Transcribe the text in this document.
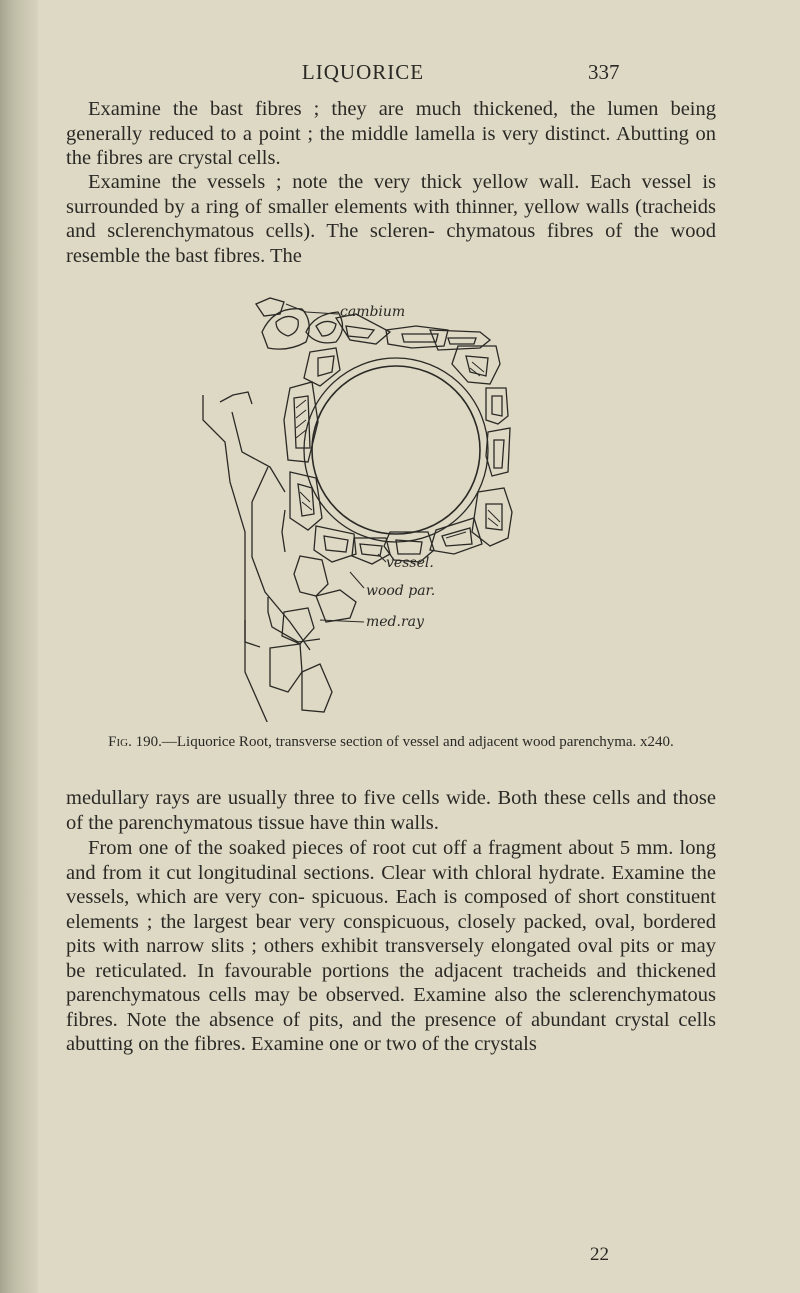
LIQUORICE	337

Examine the bast fibres ; they are much thickened, the lumen being generally reduced to a point ; the middle lamella is very distinct. Abutting on the fibres are crystal cells.

Examine the vessels ; note the very thick yellow wall. Each vessel is surrounded by a ring of smaller elements with thinner, yellow walls (tracheids and sclerenchymatous cells). The scleren- chymatous fibres of the wood resemble the bast fibres. The

cambium
vessel.
wood par.
med.ray

Fig. 190.—Liquorice Root, transverse section of vessel and adjacent wood parenchyma. x240.

medullary rays are usually three to five cells wide. Both these cells and those of the parenchymatous tissue have thin walls.

From one of the soaked pieces of root cut off a fragment about 5 mm. long and from it cut longitudinal sections. Clear with chloral hydrate. Examine the vessels, which are very con- spicuous. Each is composed of short constituent elements ; the largest bear very conspicuous, closely packed, oval, bordered pits with narrow slits ; others exhibit transversely elongated oval pits or may be reticulated. In favourable portions the adjacent tracheids and thickened parenchymatous cells may be observed. Examine also the sclerenchymatous fibres. Note the absence of pits, and the presence of abundant crystal cells abutting on the fibres. Examine one or two of the crystals

22
